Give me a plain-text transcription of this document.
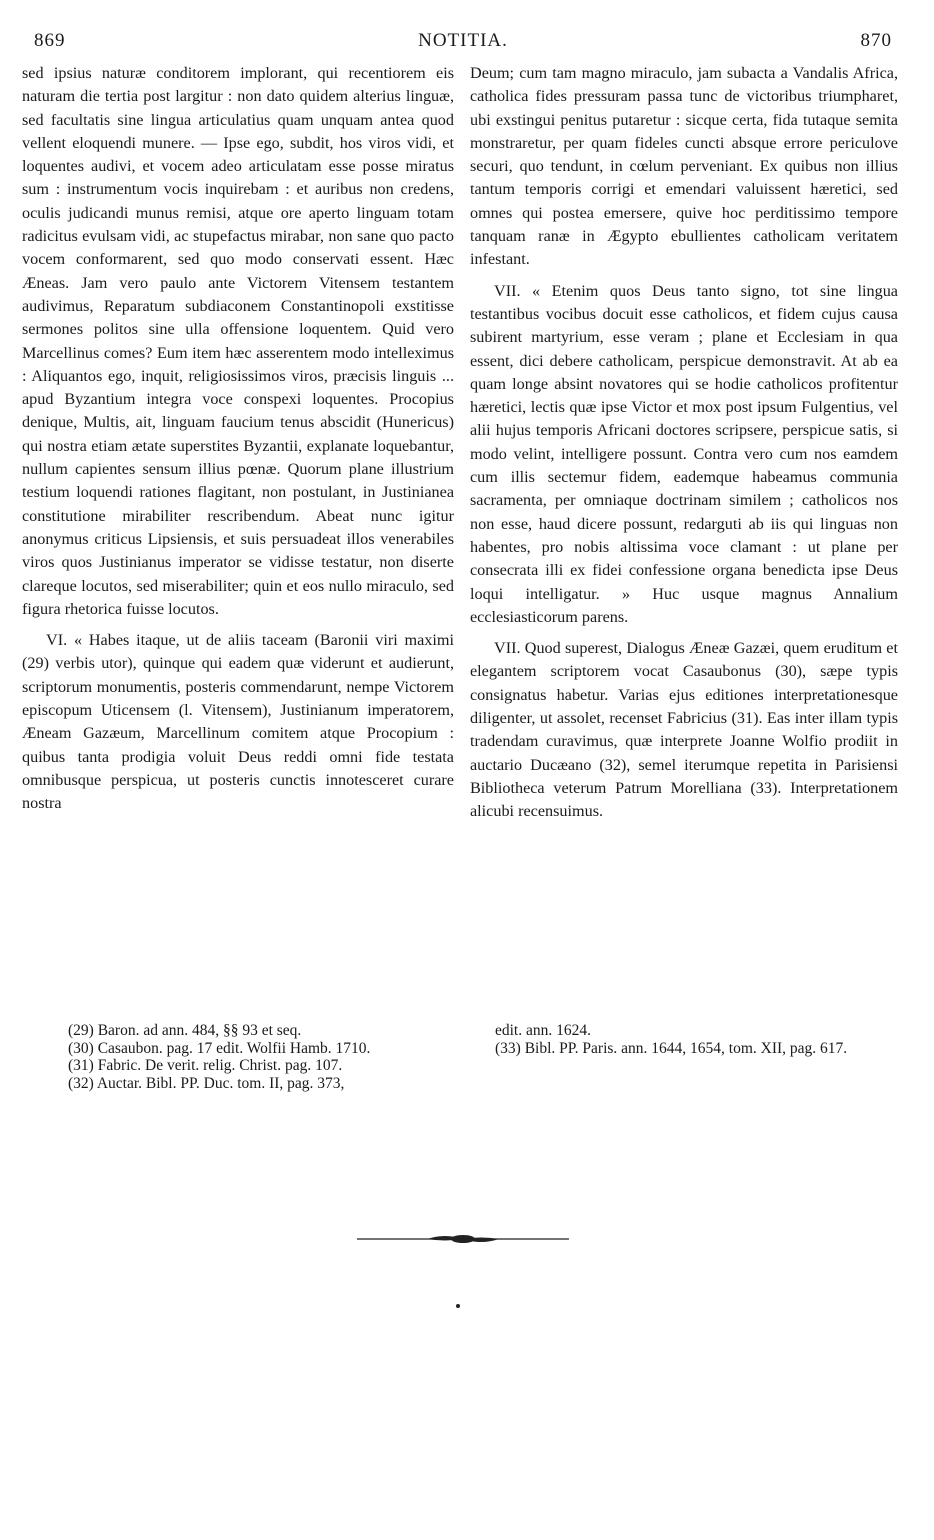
869	NOTITIA.	870

sed ipsius naturæ conditorem implorant, qui recentiorem eis naturam die tertia post largitur : non dato quidem alterius linguæ, sed facultatis sine lingua articulatius quam unquam antea quod vellent eloquendi munere. — Ipse ego, subdit, hos viros vidi, et loquentes audivi, et vocem adeo articulatam esse posse miratus sum : instrumentum vocis inquirebam : et auribus non credens, oculis judicandi munus remisi, atque ore aperto linguam totam radicitus evulsam vidi, ac stupefactus mirabar, non sane quo pacto vocem conformarent, sed quo modo conservati essent. Hæc Æneas. Jam vero paulo ante Victorem Vitensem testantem audivimus, Reparatum subdiaconem Constantinopoli exstitisse sermones politos sine ulla offensione loquentem. Quid vero Marcellinus comes? Eum item hæc asserentem modo intelleximus : Aliquantos ego, inquit, religiosissimos viros, præcisis linguis ... apud Byzantium integra voce conspexi loquentes. Procopius denique, Multis, ait, linguam faucium tenus abscidit (Hunericus) qui nostra etiam ætate superstites Byzantii, explanate loquebantur, nullum capientes sensum illius pœnæ. Quorum plane illustrium testium loquendi rationes flagitant, non postulant, in Justinianea constitutione mirabiliter rescribendum. Abeat nunc igitur anonymus criticus Lipsiensis, et suis persuadeat illos venerabiles viros quos Justinianus imperator se vidisse testatur, non diserte clareque locutos, sed miserabiliter; quin et eos nullo miraculo, sed figura rhetorica fuisse locutos.

VI. « Habes itaque, ut de aliis taceam (Baronii viri maximi (29) verbis utor), quinque qui eadem quæ viderunt et audierunt, scriptorum monumentis, posteris commendarunt, nempe Victorem episcopum Uticensem (l. Vitensem), Justinianum imperatorem, Æneam Gazæum, Marcellinum comitem atque Procopium : quibus tanta prodigia voluit Deus reddi omni fide testata omnibusque perspicua, ut posteris cunctis innotesceret curare nostra

Deum; cum tam magno miraculo, jam subacta a Vandalis Africa, catholica fides pressuram passa tunc de victoribus triumpharet, ubi exstingui penitus putaretur : sicque certa, fida tutaque semita monstraretur, per quam fideles cuncti absque errore periculove securi, quo tendunt, in cœlum perveniant. Ex quibus non illius tantum temporis corrigi et emendari valuissent hæretici, sed omnes qui postea emersere, quive hoc perditissimo tempore tanquam ranæ in Ægypto ebullientes catholicam veritatem infestant.

VII. « Etenim quos Deus tanto signo, tot sine lingua testantibus vocibus docuit esse catholicos, et fidem cujus causa subirent martyrium, esse veram ; plane et Ecclesiam in qua essent, dici debere catholicam, perspicue demonstravit. At ab ea quam longe absint novatores qui se hodie catholicos profitentur hæretici, lectis quæ ipse Victor et mox post ipsum Fulgentius, vel alii hujus temporis Africani doctores scripsere, perspicue satis, si modo velint, intelligere possunt. Contra vero cum nos eamdem cum illis sectemur fidem, eademque habeamus communia sacramenta, per omniaque doctrinam similem ; catholicos nos non esse, haud dicere possunt, redarguti ab iis qui linguas non habentes, pro nobis altissima voce clamant : ut plane per consecrata illi ex fidei confessione organa benedicta ipse Deus loqui intelligatur. » Huc usque magnus Annalium ecclesiasticorum parens.

VII. Quod superest, Dialogus Æneæ Gazæi, quem eruditum et elegantem scriptorem vocat Casaubonus (30), sæpe typis consignatus habetur. Varias ejus editiones interpretationesque diligenter, ut assolet, recenset Fabricius (31). Eas inter illam typis tradendam curavimus, quæ interprete Joanne Wolfio prodiit in auctario Ducæano (32), semel iterumque repetita in Parisiensi Bibliotheca veterum Patrum Morelliana (33). Interpretationem alicubi recensuimus.

(29) Baron. ad ann. 484, §§ 93 et seq.
(30) Casaubon. pag. 17 edit. Wolfii Hamb. 1710.
(31) Fabric. De verit. relig. Christ. pag. 107.
(32) Auctar. Bibl. PP. Duc. tom. II, pag. 373,
edit. ann. 1624.
(33) Bibl. PP. Paris. ann. 1644, 1654, tom. XII, pag. 617.
